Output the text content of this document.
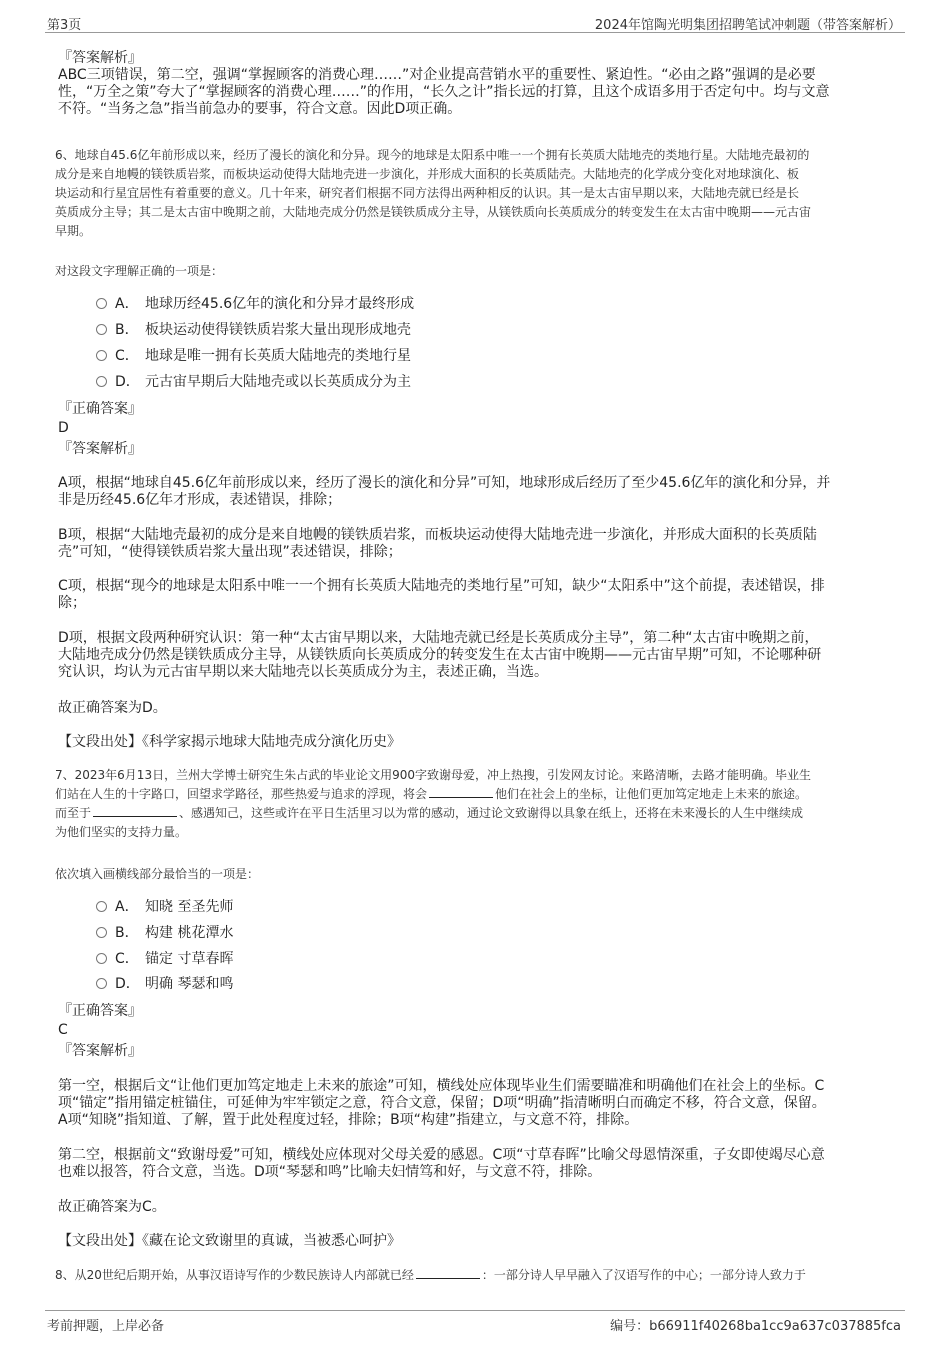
第3页	2024年馆陶光明集团招聘笔试冲刺题（带答案解析）
『答案解析』
ABC三项错误，第二空，强调“掌握顾客的消费心理……”对企业提高营销水平的重要性、紧迫性。“必由之路”强调的是必要
性，“万全之策”夸大了“掌握顾客的消费心理……”的作用，“长久之计”指长远的打算，且这个成语多用于否定句中。均与文意
不符。“当务之急”指当前急办的要事，符合文意。因此D项正确。
6、地球自45.6亿年前形成以来，经历了漫长的演化和分异。现今的地球是太阳系中唯一一个拥有长英质大陆地壳的类地行星。大陆地壳最初的
成分是来自地幔的镁铁质岩浆，而板块运动使得大陆地壳进一步演化，并形成大面积的长英质陆壳。大陆地壳的化学成分变化对地球演化、板
块运动和行星宜居性有着重要的意义。几十年来，研究者们根据不同方法得出两种相反的认识。其一是太古宙早期以来，大陆地壳就已经是长
英质成分主导；其二是太古宙中晚期之前，大陆地壳成分仍然是镁铁质成分主导，从镁铁质向长英质成分的转变发生在太古宙中晚期——元古宙
早期。
对这段文字理解正确的一项是：
A． 地球历经45.6亿年的演化和分异才最终形成
B． 板块运动使得镁铁质岩浆大量出现形成地壳
C． 地球是唯一拥有长英质大陆地壳的类地行星
D． 元古宙早期后大陆地壳或以长英质成分为主
『正确答案』
D
『答案解析』
A项，根据“地球自45.6亿年前形成以来，经历了漫长的演化和分异”可知，地球形成后经历了至少45.6亿年的演化和分异，并
非是历经45.6亿年才形成，表述错误，排除；
B项，根据“大陆地壳最初的成分是来自地幔的镁铁质岩浆，而板块运动使得大陆地壳进一步演化，并形成大面积的长英质陆
壳”可知，“使得镁铁质岩浆大量出现”表述错误，排除；
C项，根据“现今的地球是太阳系中唯一一个拥有长英质大陆地壳的类地行星”可知，缺少“太阳系中”这个前提，表述错误，排
除；
D项，根据文段两种研究认识：第一种“太古宙早期以来，大陆地壳就已经是长英质成分主导”，第二种“太古宙中晚期之前，
大陆地壳成分仍然是镁铁质成分主导，从镁铁质向长英质成分的转变发生在太古宙中晚期——元古宙早期”可知，不论哪种研
究认识，均认为元古宙早期以来大陆地壳以长英质成分为主，表述正确，当选。
故正确答案为D。
【文段出处】《科学家揭示地球大陆地壳成分演化历史》
7、2023年6月13日，兰州大学博士研究生朱占武的毕业论文用900字致谢母爱，冲上热搜，引发网友讨论。来路清晰，去路才能明确。毕业生
们站在人生的十字路口，回望求学路径，那些热爱与追求的浮现，将会	他们在社会上的坐标，让他们更加笃定地走上未来的旅途。
而至于	、感遇知己，这些或许在平日生活里习以为常的感动，通过论文致谢得以具象在纸上，还将在未来漫长的人生中继续成
为他们坚实的支持力量。
依次填入画横线部分最恰当的一项是：
A． 知晓 至圣先师
B． 构建 桃花潭水
C． 锚定 寸草春晖
D． 明确 琴瑟和鸣
『正确答案』
C
『答案解析』
第一空，根据后文“让他们更加笃定地走上未来的旅途”可知，横线处应体现毕业生们需要瞄准和明确他们在社会上的坐标。C
项“锚定”指用锚定桩锚住，可延伸为牢牢锁定之意，符合文意，保留；D项“明确”指清晰明白而确定不移，符合文意，保留。
A项“知晓”指知道、了解，置于此处程度过轻，排除；B项“构建”指建立，与文意不符，排除。
第二空，根据前文“致谢母爱”可知，横线处应体现对父母关爱的感恩。C项“寸草春晖”比喻父母恩情深重，子女即使竭尽心意
也难以报答，符合文意，当选。D项“琴瑟和鸣”比喻夫妇情笃和好，与文意不符，排除。
故正确答案为C。
【文段出处】《藏在论文致谢里的真诚，当被悉心呵护》
8、从20世纪后期开始，从事汉语诗写作的少数民族诗人内部就已经	：一部分诗人早早融入了汉语写作的中心；一部分诗人致力于
考前押题，上岸必备	编号：b66911f40268ba1cc9a637c037885fca
